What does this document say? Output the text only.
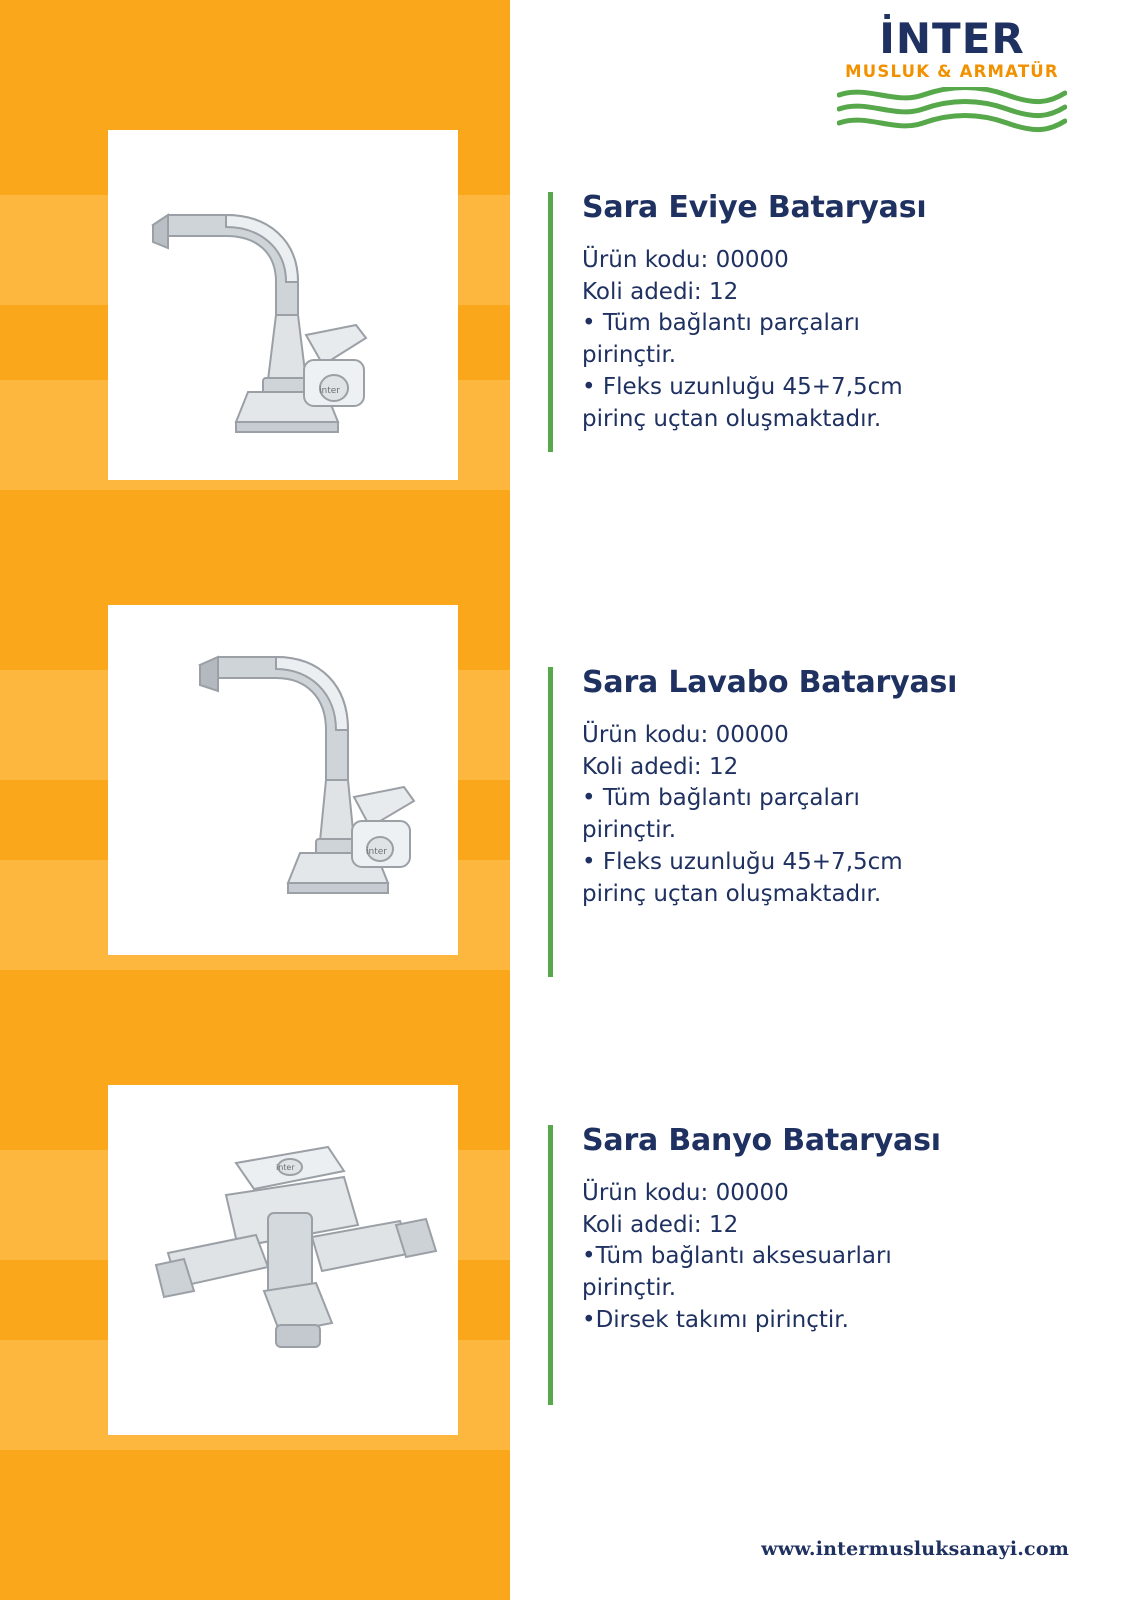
İNTER
MUSLUK & ARMATÜR
inter
Sara Eviye Bataryası

Ürün kodu: 00000

Koli adedi: 12

• Tüm bağlantı parçaları

pirinçtir.

• Fleks uzunluğu 45+7,5cm

pirinç uçtan oluşmaktadır.

inter
Sara Lavabo Bataryası

Ürün kodu: 00000

Koli adedi: 12

• Tüm bağlantı parçaları

pirinçtir.

• Fleks uzunluğu 45+7,5cm

pirinç uçtan oluşmaktadır.

inter
Sara Banyo Bataryası

Ürün kodu: 00000

Koli adedi: 12

•Tüm bağlantı aksesuarları

pirinçtir.

•Dirsek takımı pirinçtir.

www.intermusluksanayi.com
